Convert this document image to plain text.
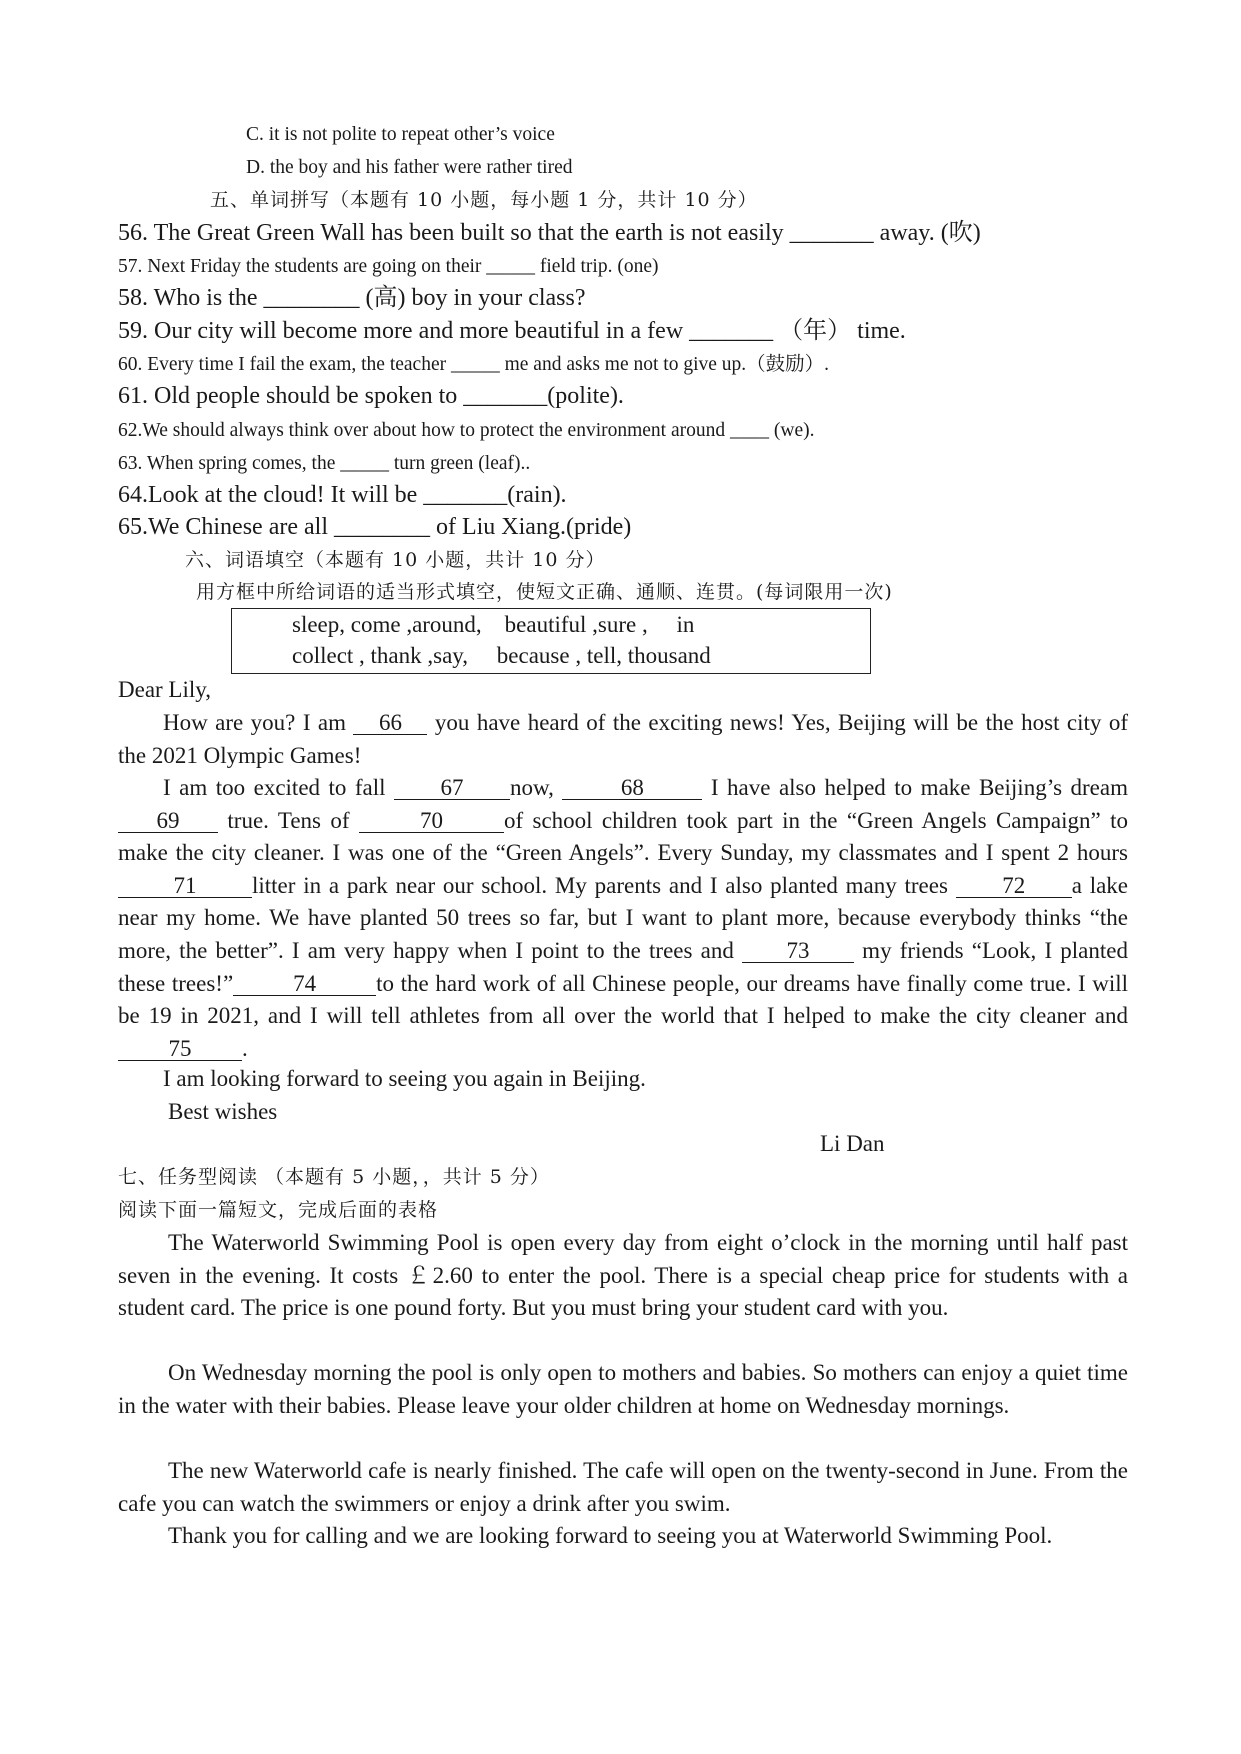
C. it is not polite to repeat other’s voice
D. the boy and his father were rather tired
五、单词拼写（本题有 10 小题，每小题 1 分，共计 10 分）
56. The Great Green Wall has been built so that the earth is not easily _______ away. (吹)
57. Next Friday the students are going on their _____ field trip. (one)
58. Who is the ________ (高) boy in your class?
59. Our city will become more and more beautiful in a few _______ （年） time.
60. Every time I fail the exam, the teacher _____ me and asks me not to give up.（鼓励）.
61. Old people should be spoken to _______(polite).
62.We should always think over about how to protect the environment around ____ (we).
63. When spring comes, the _____ turn green (leaf)..
64.Look at the cloud! It will be _______(rain).
65.We Chinese are all ________ of Liu Xiang.(pride)
六、词语填空（本题有 10 小题，共计 10 分）
用方框中所给词语的适当形式填空，使短文正确、通顺、连贯。(每词限用一次)
sleep, come ,around,    beautiful ,sure ,     in
collect , thank ,say,     because , tell, thousand
Dear Lily,

How are you? I am 66 you have heard of the exciting news! Yes, Beijing will be the host city of the 2021 Olympic Games!

I am too excited to fall 67 now,	68	I have also helped to make Beijing’s dream 69 true. Tens of	70	of school children took part in the “Green Angels Campaign” to make the city cleaner. I was one of the “Green Angels”. Every Sunday, my classmates and I spent 2 hours 71 litter in a park near our school. My parents and I also planted many trees 72 a lake near my home. We have planted 50 trees so far, but I want to plant more, because everybody thinks “the more, the better”. I am very happy when I point to the trees and 73 my friends “Look, I planted these trees!”	74	to the hard work of all Chinese people, our dreams have finally come true. I will be 19 in 2021, and I will tell athletes from all over the world that I helped to make the city cleaner and 75 .

I am looking forward to seeing you again in Beijing.
Best wishes
Li Dan
七、任务型阅读 （本题有 5 小题，，共计 5 分）
阅读下面一篇短文，完成后面的表格

The Waterworld Swimming Pool is open every day from eight o’clock in the morning until half past seven in the evening. It costs ￡2.60 to enter the pool. There is a special cheap price for students with a student card. The price is one pound forty. But you must bring your student card with you.

On Wednesday morning the pool is only open to mothers and babies. So mothers can enjoy a quiet time in the water with their babies. Please leave your older children at home on Wednesday mornings.

The new Waterworld cafe is nearly finished. The cafe will open on the twenty-second in June. From the cafe you can watch the swimmers or enjoy a drink after you swim.

Thank you for calling and we are looking forward to seeing you at Waterworld Swimming Pool.
